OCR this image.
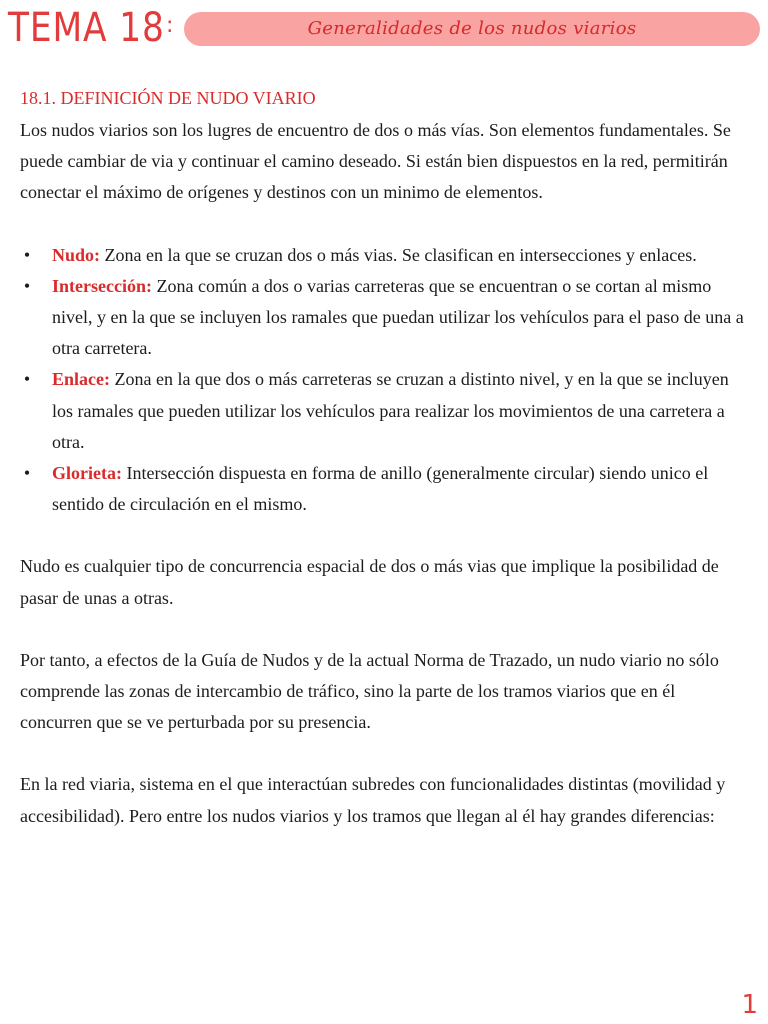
TEMA 18 :	Generalidades de los nudos viarios
18.1. DEFINICIÓN DE NUDO VIARIO

Los nudos viarios son los lugres de encuentro de dos o más vías. Son elementos fundamentales. Se puede cambiar de via y continuar el camino deseado. Si están bien dispuestos en la red, permitirán conectar el máximo de orígenes y destinos con un minimo de elementos.

• Nudo: Zona en la que se cruzan dos o más vias. Se clasifican en intersecciones y enlaces.
• Intersección: Zona común a dos o varias carreteras que se encuentran o se cortan al mismo nivel, y en la que se incluyen los ramales que puedan utilizar los vehículos para el paso de una a otra carretera.
• Enlace: Zona en la que dos o más carreteras se cruzan a distinto nivel, y en la que se incluyen los ramales que pueden utilizar los vehículos para realizar los movimientos de una carretera a otra.
• Glorieta: Intersección dispuesta en forma de anillo (generalmente circular) siendo unico el sentido de circulación en el mismo.

Nudo es cualquier tipo de concurrencia espacial de dos o más vias que implique la posibilidad de pasar de unas a otras.

Por tanto, a efectos de la Guía de Nudos y de la actual Norma de Trazado, un nudo viario no sólo comprende las zonas de intercambio de tráfico, sino la parte de los tramos viarios que en él concurren que se ve perturbada por su presencia.

En la red viaria, sistema en el que interactúan subredes con funcionalidades distintas (movilidad y accesibilidad). Pero entre los nudos viarios y los tramos que llegan al él hay grandes diferencias:

1
